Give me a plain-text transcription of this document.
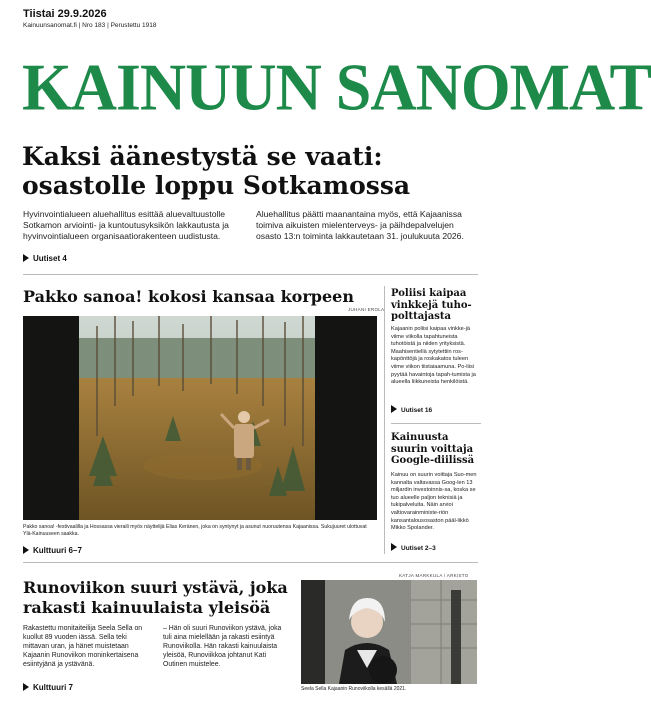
Tiistai 29.9.2026
Kainuunsanomat.fi | Nro 183 | Perustettu 1918
KAINUUN SANOMAT
Kaksi äänestystä se vaati:
osastolle loppu Sotkamossa
Hyvinvointialueen aluehallitus esittää aluevaltuustolle Sotkamon arviointi- ja kuntoutusyksikön lakkautusta ja hyvinvointialueen organisaatiorakenteen uudistusta.
Aluehallitus päätti maanantaina myös, että Kajaanissa toimiva aikuisten mielenterveys- ja päihdepalvelujen osasto 13:n toiminta lakkautetaan 31. joulukuuta 2026.
Uutiset 4
Pakko sanoa! kokosi kansaa korpeen
JUHANI EROLA
Pakko sanoa! -festivaalilla ja Hossassa vieraili myös näyttelijä Elias Keränen, joka on syntynyt ja asunut nuoruutensa Kajaanissa. Sukujuuret ulottuvat Ylä-Kainuuseen saakka.
Kulttuuri 6–7
Poliisi kaipaa vinkkejä tuho-polttajasta
Kajaanin poliisi kaipaa vinkke-jä viime viikolla tapahtuneista tuhotöistä ja niiden yrityksistä. Maahisentiellä sytytettiin ros-kapönttöjä ja roskakatos tuleen viime viikon tiistaiaamuna. Po-liisi pyytää havaintoja tapah-tumista ja alueella liikkuneista henkilöistä.
Uutiset 16
Kainuusta suurin voittaja Google-diilissä
Kainuu on suurin voittaja Suo-men kannalta valtavassa Goog-len 13 miljardin investoinnis-sa, koska se tuo alueelle paljon teknisiä ja tukipalveluita. Näin arvioi valtiovarainministe-riön kansantalousosaston pääl-likkö Mikko Spolander.
Uutiset 2–3
Runoviikon suuri ystävä, joka
rakasti kainuulaista yleisöä
Rakastettu monitaiteilija Seela Sella on kuollut 89 vuoden iässä. Sella teki mittavan uran, ja hänet muistetaan Kajaanin Runoviikon moninkertaisena esiintyjänä ja ystävänä.
– Hän oli suuri Runoviikon ystävä, joka tuli aina mielellään ja rakasti esiintyä Runoviikolla. Hän rakasti kainuulaista yleisöä, Runoviikkoa johtanut Kati Outinen muistelee.
Kulttuuri 7
KATJA MARKKULA / ARKISTO
Seela Sella Kajaanin Runoviikolla kesällä 2021.
